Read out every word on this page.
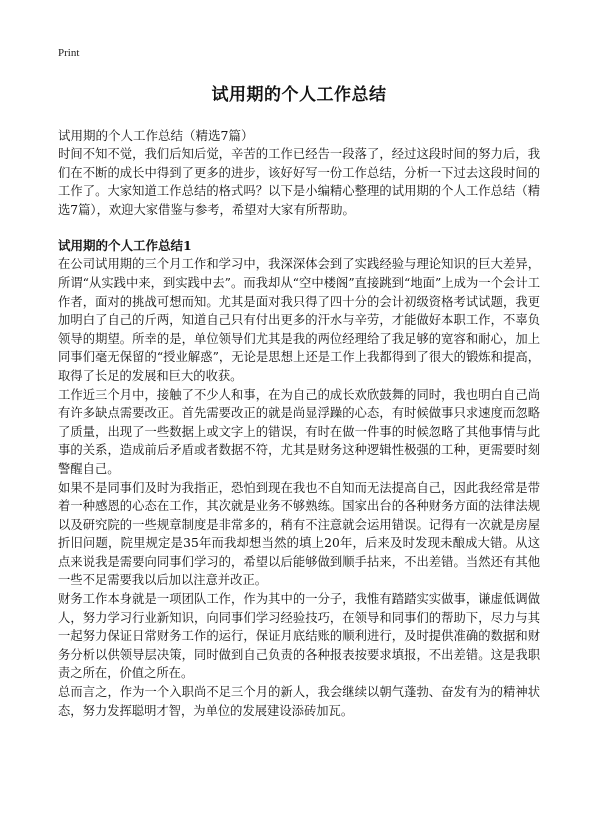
Print

试用期的个人工作总结

试用期的个人工作总结（精选7篇）

时间不知不觉，我们后知后觉，辛苦的工作已经告一段落了，经过这段时间的努力后，我们在不断的成长中得到了更多的进步，该好好写一份工作总结，分析一下过去这段时间的工作了。大家知道工作总结的格式吗？以下是小编精心整理的试用期的个人工作总结（精选7篇），欢迎大家借鉴与参考，希望对大家有所帮助。

试用期的个人工作总结1

在公司试用期的三个月工作和学习中，我深深体会到了实践经验与理论知识的巨大差异，所谓“从实践中来，到实践中去”。而我却从“空中楼阁”直接跳到“地面”上成为一个会计工作者，面对的挑战可想而知。尤其是面对我只得了四十分的会计初级资格考试试题，我更加明白了自己的斤两，知道自己只有付出更多的汗水与辛劳，才能做好本职工作，不辜负领导的期望。所幸的是，单位领导们尤其是我的两位经理给了我足够的宽容和耐心，加上同事们毫无保留的“授业解惑”，无论是思想上还是工作上我都得到了很大的锻炼和提高，取得了长足的发展和巨大的收获。

工作近三个月中，接触了不少人和事，在为自己的成长欢欣鼓舞的同时，我也明白自己尚有许多缺点需要改正。首先需要改正的就是尚显浮躁的心态，有时候做事只求速度而忽略了质量，出现了一些数据上或文字上的错误，有时在做一件事的时候忽略了其他事情与此事的关系，造成前后矛盾或者数据不符，尤其是财务这种逻辑性极强的工种，更需要时刻警醒自己。

如果不是同事们及时为我指正，恐怕到现在我也不自知而无法提高自己，因此我经常是带着一种感恩的心态在工作，其次就是业务不够熟练。国家出台的各种财务方面的法律法规以及研究院的一些规章制度是非常多的，稍有不注意就会运用错误。记得有一次就是房屋折旧问题，院里规定是35年而我却想当然的填上20年，后来及时发现未酿成大错。从这点来说我是需要向同事们学习的，希望以后能够做到顺手拈来，不出差错。当然还有其他一些不足需要我以后加以注意并改正。

财务工作本身就是一项团队工作，作为其中的一分子，我惟有踏踏实实做事，谦虚低调做人，努力学习行业新知识，向同事们学习经验技巧，在领导和同事们的帮助下，尽力与其一起努力保证日常财务工作的运行，保证月底结账的顺利进行，及时提供准确的数据和财务分析以供领导层决策，同时做到自己负责的各种报表按要求填报，不出差错。这是我职责之所在，价值之所在。

总而言之，作为一个入职尚不足三个月的新人，我会继续以朝气蓬勃、奋发有为的精神状态，努力发挥聪明才智，为单位的发展建设添砖加瓦。
